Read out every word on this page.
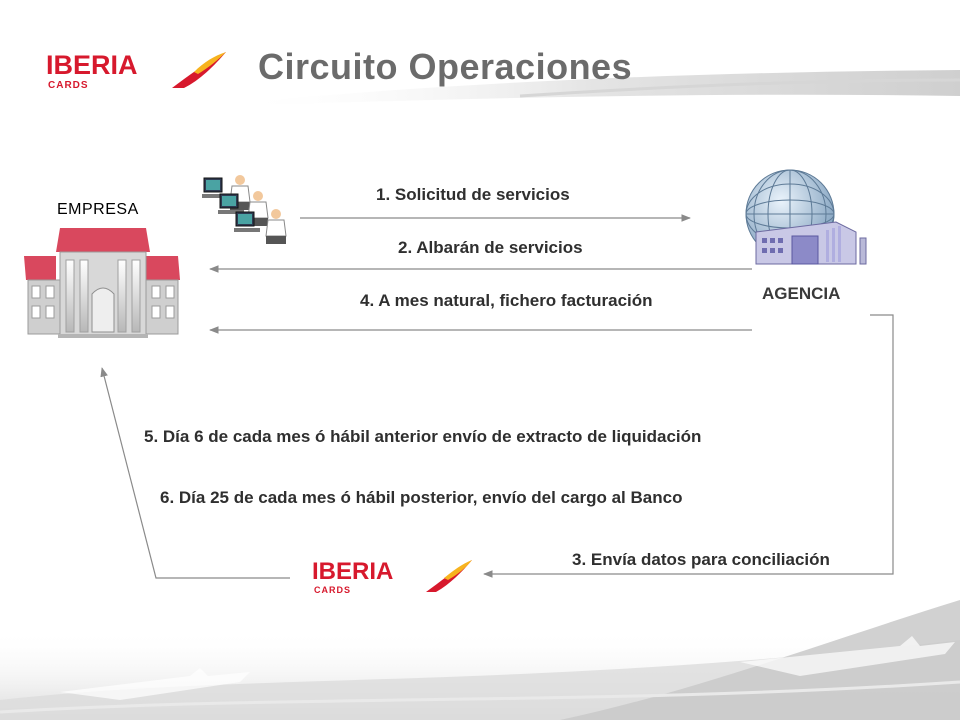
IBERIA
CARDS	Circuito Operaciones
EMPRESA
AGENCIA
1. Solicitud de servicios
2. Albarán de servicios
4. A mes natural, fichero facturación
5. Día 6 de cada mes ó hábil anterior envío de extracto de liquidación
6. Día 25 de cada mes ó hábil posterior, envío del cargo al Banco
3. Envía datos para conciliación
IBERIA
CARDS
